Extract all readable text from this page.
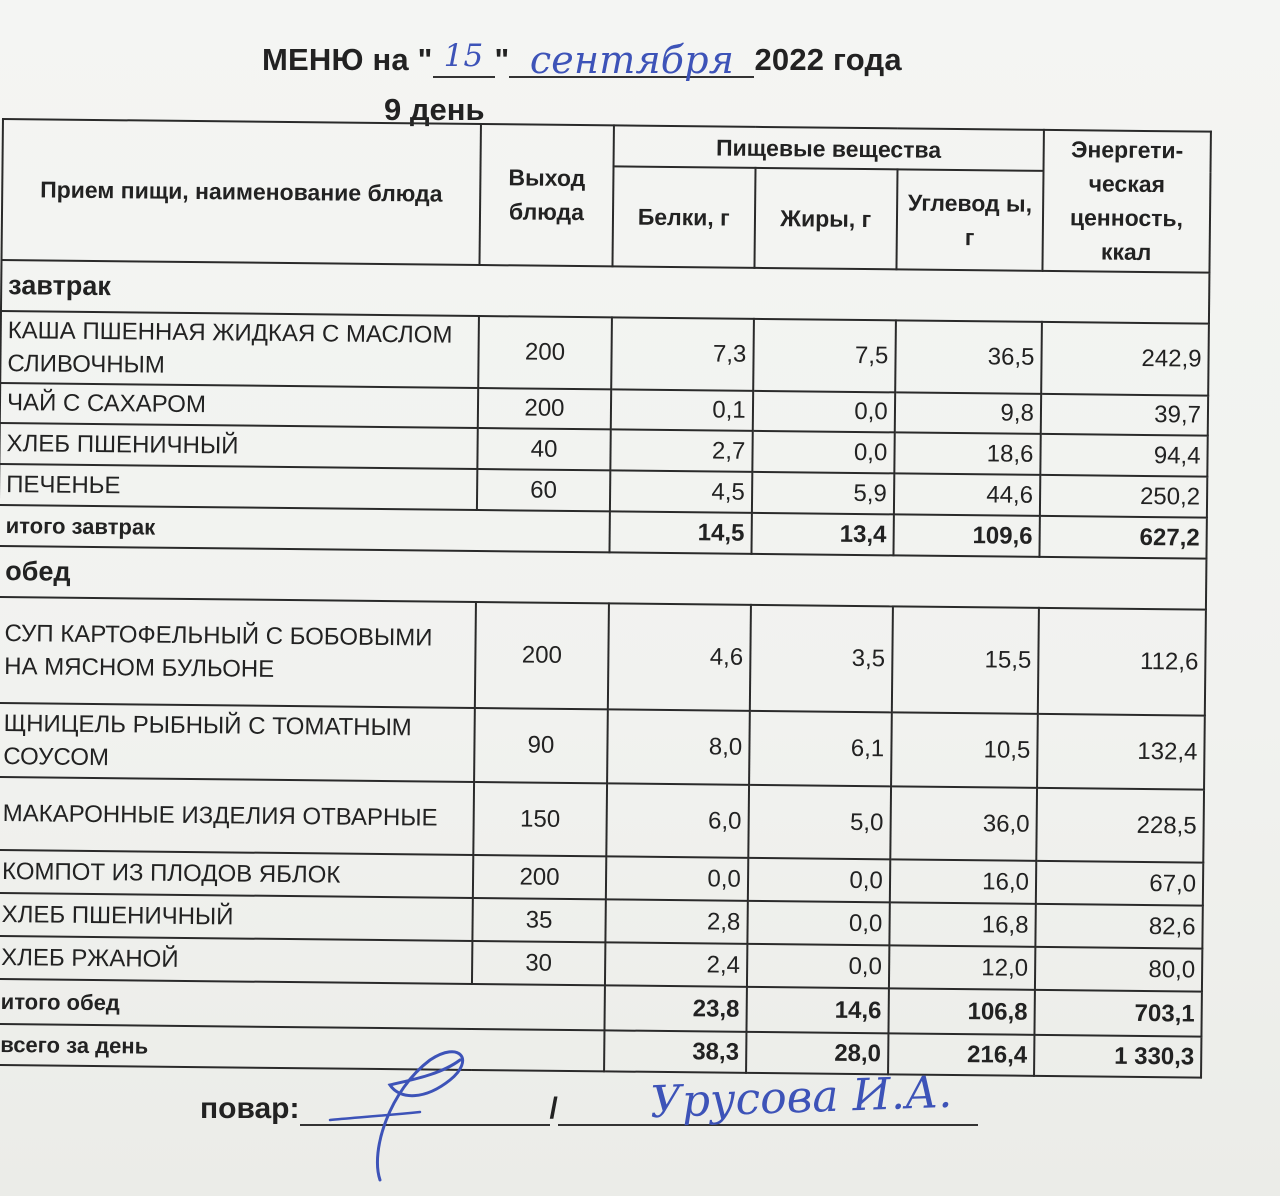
МЕНЮ на " 15 " сентября 2022 года
9 день
Прием пищи, наименование блюда	Выход блюда	Пищевые вещества			Энергети-ческая ценность, ккал
		Белки, г	Жиры, г	Углевод ы, г	
завтрак					
КАША ПШЕННАЯ ЖИДКАЯ С МАСЛОМ СЛИВОЧНЫМ	200	7,3	7,5	36,5	242,9
ЧАЙ С САХАРОМ	200	0,1	0,0	9,8	39,7
ХЛЕБ ПШЕНИЧНЫЙ	40	2,7	0,0	18,6	94,4
ПЕЧЕНЬЕ	60	4,5	5,9	44,6	250,2
итого завтрак		14,5	13,4	109,6	627,2
обед					
СУП КАРТОФЕЛЬНЫЙ С БОБОВЫМИ НА МЯСНОМ БУЛЬОНЕ	200	4,6	3,5	15,5	112,6
ЩНИЦЕЛЬ РЫБНЫЙ С ТОМАТНЫМ СОУСОМ	90	8,0	6,1	10,5	132,4
МАКАРОННЫЕ ИЗДЕЛИЯ ОТВАРНЫЕ	150	6,0	5,0	36,0	228,5
КОМПОТ ИЗ ПЛОДОВ ЯБЛОК	200	0,0	0,0	16,0	67,0
ХЛЕБ ПШЕНИЧНЫЙ	35	2,8	0,0	16,8	82,6
ХЛЕБ РЖАНОЙ	30	2,4	0,0	12,0	80,0
итого обед		23,8	14,6	106,8	703,1
всего за день		38,3	28,0	216,4	1 330,3
повар:	/	Урусова И.А.
